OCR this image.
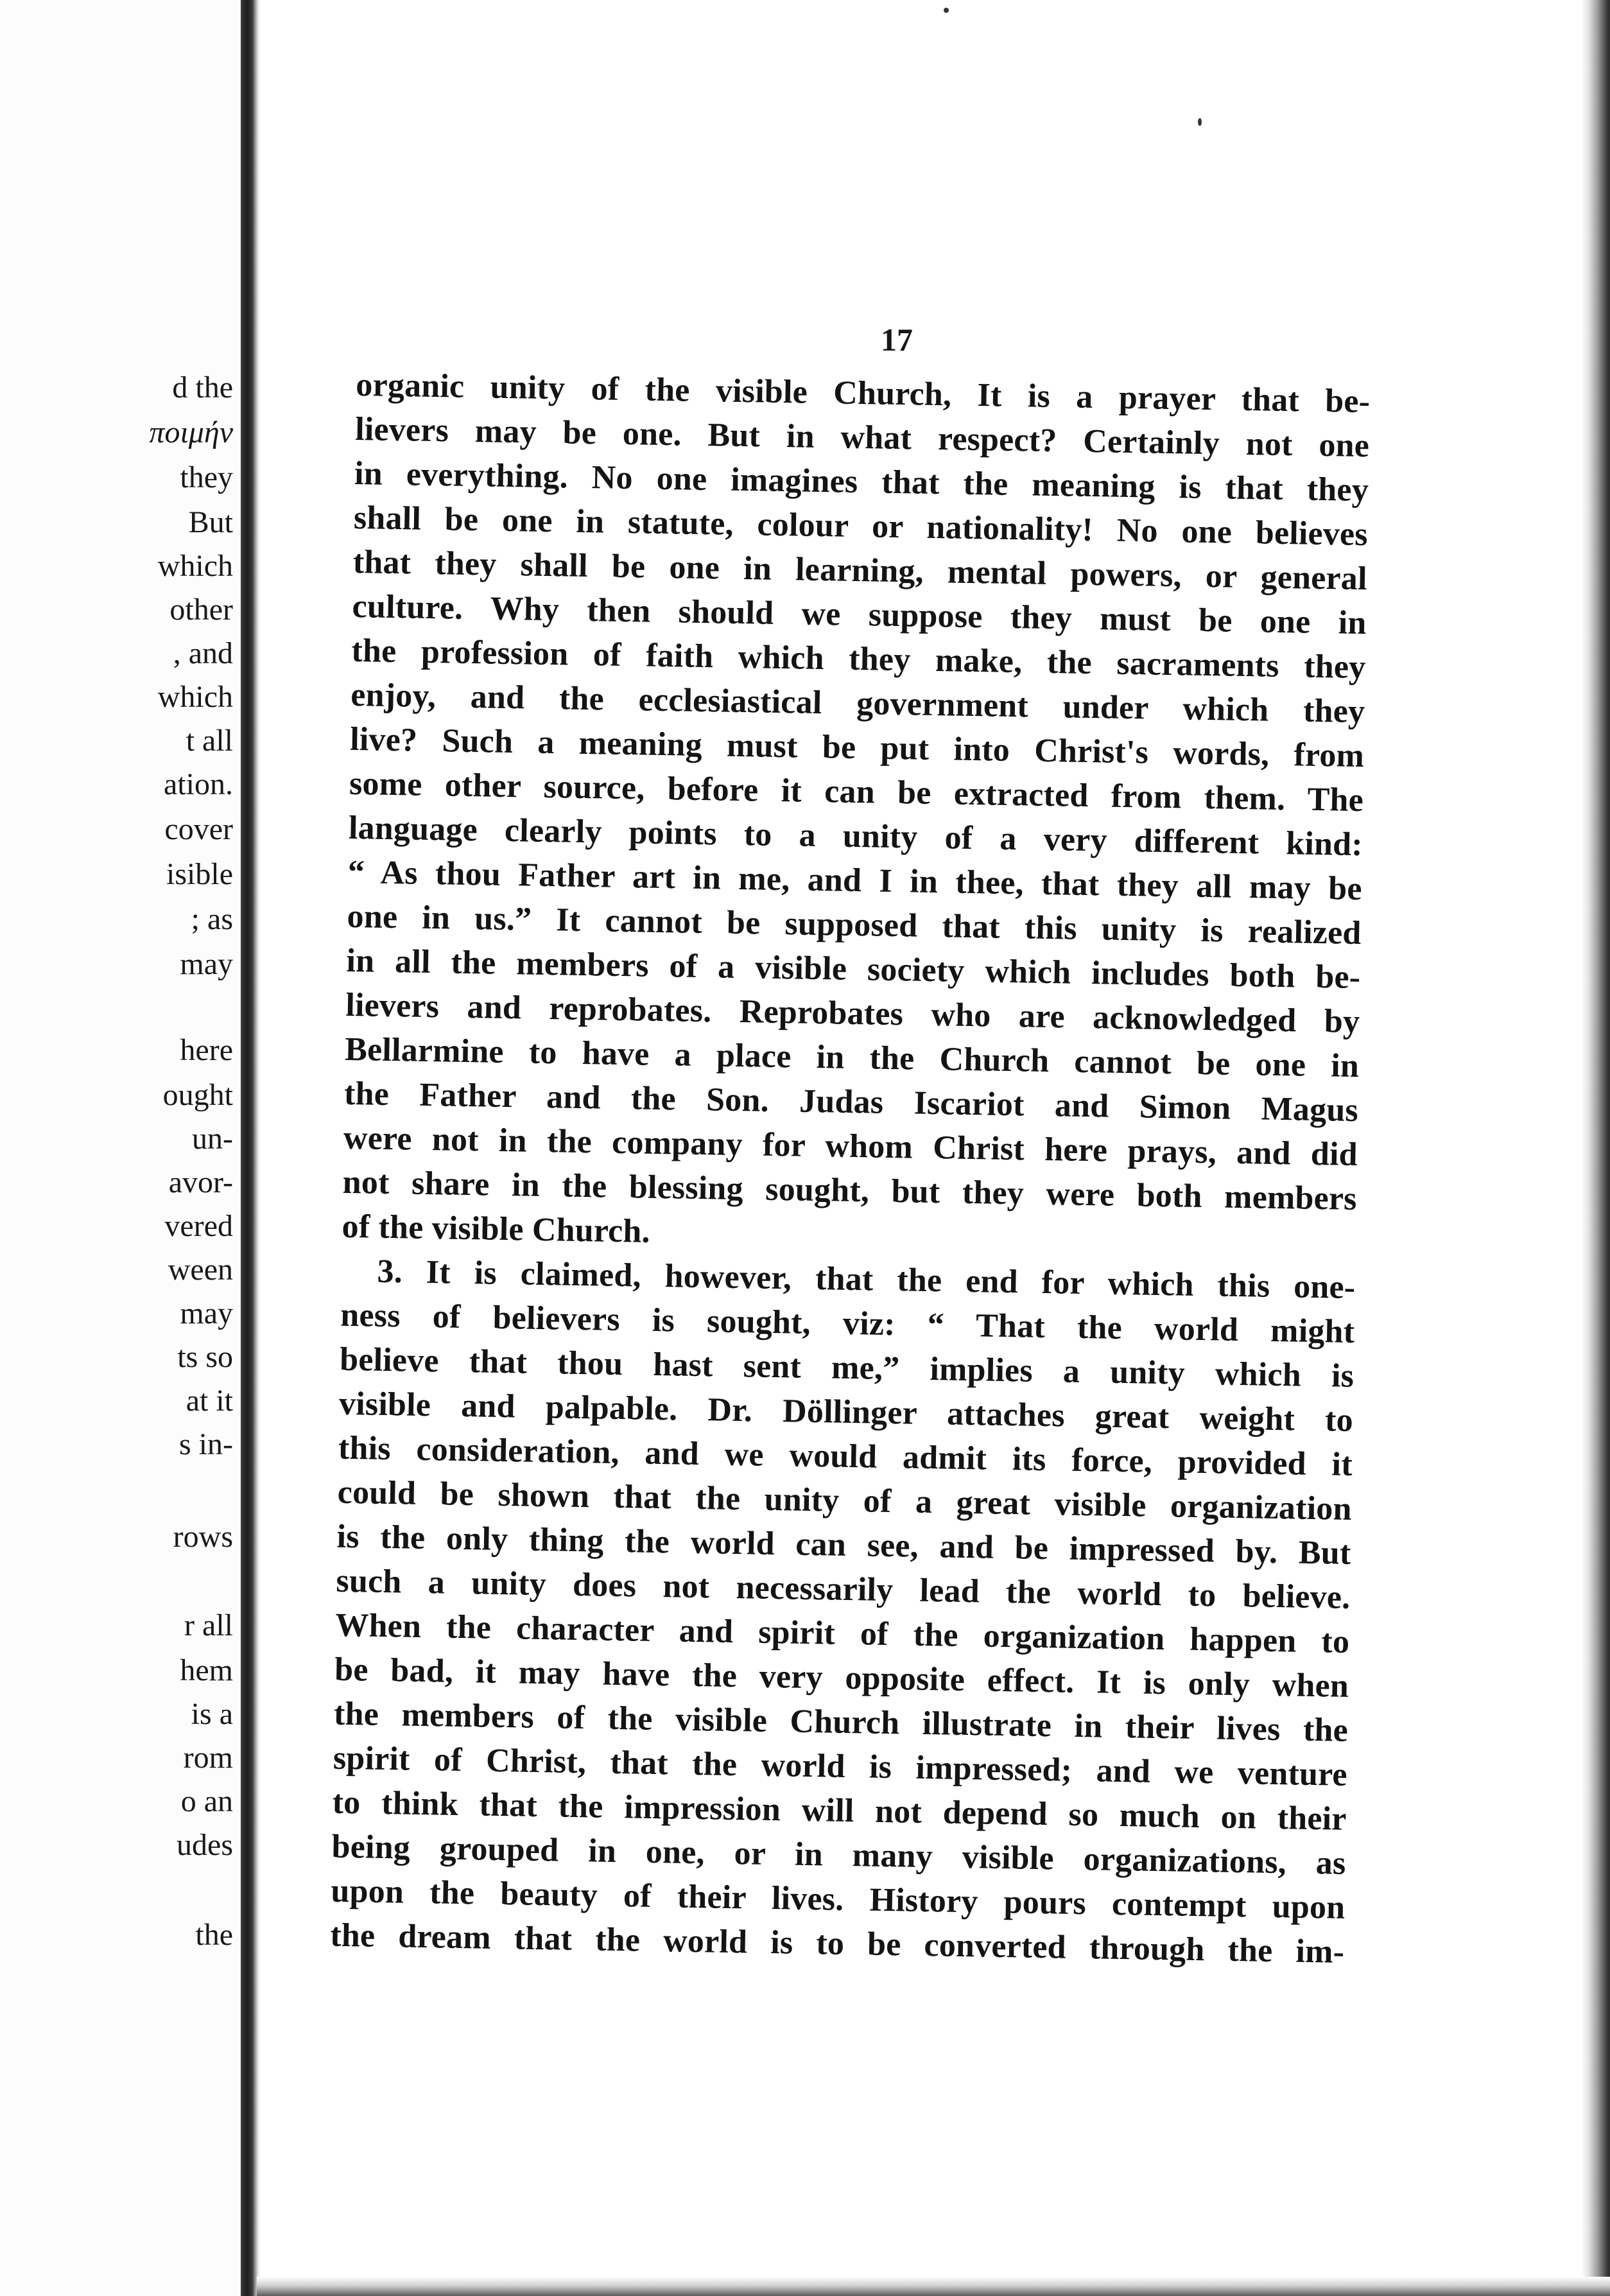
d the
ποιμήν
they
But
which
other
, and
which
t all
ation.
cover
isible
; as
may
here
ought
un-
avor-
vered
ween
may
ts so
at it
s in-
rows
r all
hem
is a
rom
o an
udes
the
17
organic unity of the visible Church, It is a prayer that be-
lievers may be one. But in what respect? Certainly not one
in everything. No one imagines that the meaning is that they
shall be one in statute, colour or nationality! No one believes
that they shall be one in learning, mental powers, or general
culture. Why then should we suppose they must be one in
the profession of faith which they make, the sacraments they
enjoy, and the ecclesiastical government under which they
live? Such a meaning must be put into Christ's words, from
some other source, before it can be extracted from them. The
language clearly points to a unity of a very different kind:
“ As thou Father art in me, and I in thee, that they all may be
one in us.” It cannot be supposed that this unity is realized
in all the members of a visible society which includes both be-
lievers and reprobates. Reprobates who are acknowledged by
Bellarmine to have a place in the Church cannot be one in
the Father and the Son. Judas Iscariot and Simon Magus
were not in the company for whom Christ here prays, and did
not share in the blessing sought, but they were both members
of the visible Church.
3. It is claimed, however, that the end for which this one-
ness of believers is sought, viz: “ That the world might
believe that thou hast sent me,” implies a unity which is
visible and palpable. Dr. Döllinger attaches great weight to
this consideration, and we would admit its force, provided it
could be shown that the unity of a great visible organization
is the only thing the world can see, and be impressed by. But
such a unity does not necessarily lead the world to believe.
When the character and spirit of the organization happen to
be bad, it may have the very opposite effect. It is only when
the members of the visible Church illustrate in their lives the
spirit of Christ, that the world is impressed; and we venture
to think that the impression will not depend so much on their
being grouped in one, or in many visible organizations, as
upon the beauty of their lives. History pours contempt upon
the dream that the world is to be converted through the im-
